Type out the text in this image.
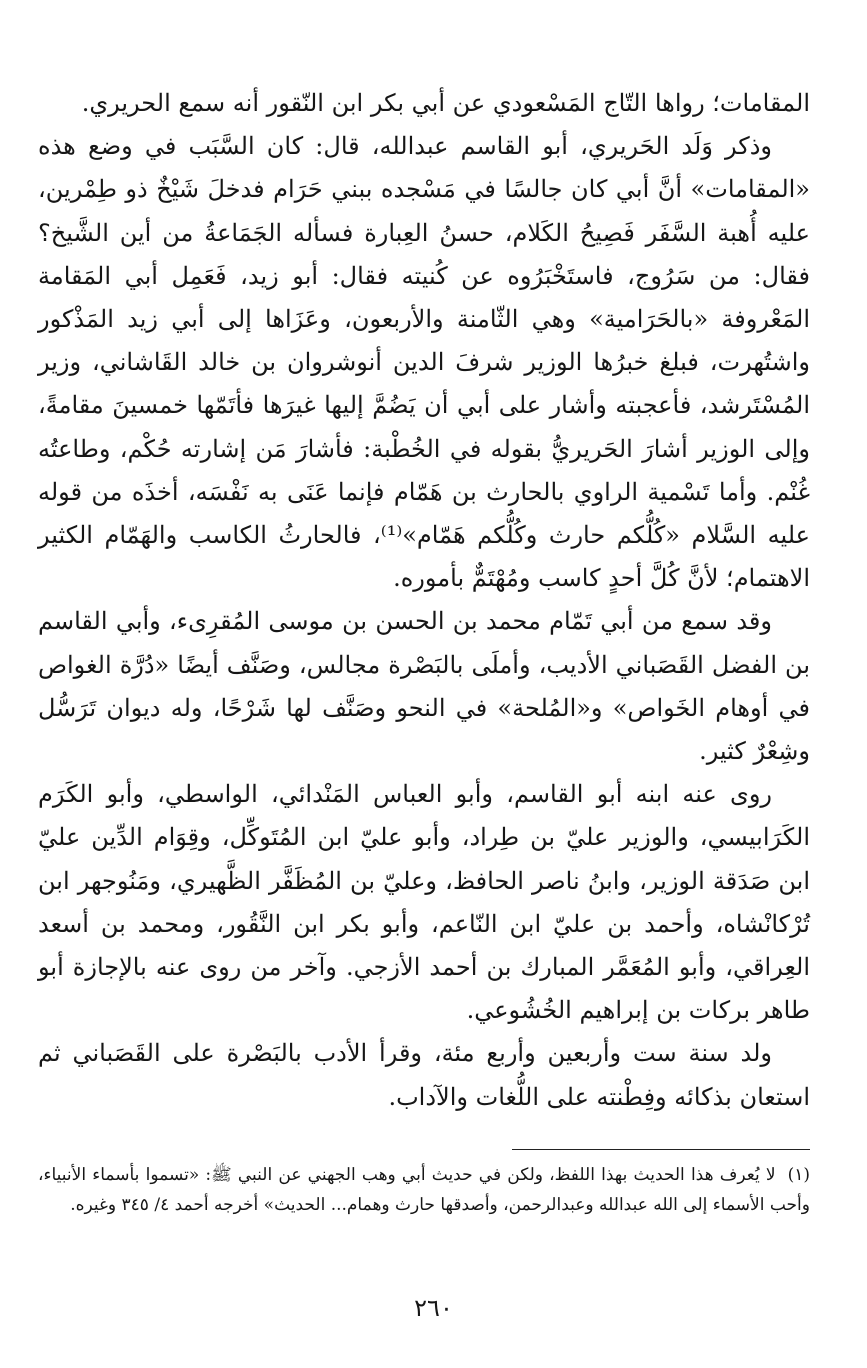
المقامات؛ رواها التّاج المَسْعودي عن أبي بكر ابن النّقور أنه سمع الحريري.

وذكر وَلَد الحَريري، أبو القاسم عبدالله، قال: كان السَّبَب في وضع هذه «المقامات» أنَّ أبي كان جالسًا في مَسْجده ببني حَرَام فدخلَ شَيْخٌ ذو طِمْرين، عليه أُهبة السَّفَر فَصِيحُ الكَلام، حسنُ العِبارة فسأله الجَمَاعةُ من أين الشَّيخ؟ فقال: من سَرُوج، فاستَخْبَرُوه عن كُنيته فقال: أبو زيد، فَعَمِل أبي المَقامة المَعْروفة «بالحَرَامية» وهي الثّامنة والأربعون، وعَزَاها إلى أبي زيد المَذْكور واشتُهرت، فبلغ خبرُها الوزير شرفَ الدين أنوشروان بن خالد القَاشاني، وزير المُسْتَرشد، فأعجبته وأشار على أبي أن يَضُمَّ إليها غيرَها فأتَمّها خمسينَ مقامةً، وإلى الوزير أشارَ الحَريريُّ بقوله في الخُطْبة: فأشارَ مَن إشارته حُكْم، وطاعتُه غُنْم. وأما تَسْمية الراوي بالحارث بن هَمّام فإنما عَنَى به نَفْسَه، أخذَه من قوله عليه السَّلام «كُلُّكم حارث وكُلُّكم هَمّام»⁽¹⁾، فالحارثُ الكاسب والهَمّام الكثير الاهتمام؛ لأنَّ كُلَّ أحدٍ كاسب ومُهْتَمٌّ بأموره.

وقد سمع من أبي تَمّام محمد بن الحسن بن موسى المُقرِىء، وأبي القاسم بن الفضل القَصَباني الأديب، وأملَى بالبَصْرة مجالس، وصَنَّف أيضًا «دُرَّة الغواص في أوهام الخَواص» و«المُلحة» في النحو وصَنَّف لها شَرْحًا، وله ديوان تَرَسُّل وشِعْرٌ كثير.

روى عنه ابنه أبو القاسم، وأبو العباس المَنْدائي، الواسطي، وأبو الكَرَم الكَرَابيسي، والوزير عليّ بن طِراد، وأبو عليّ ابن المُتَوكِّل، وقِوَام الدِّين عليّ ابن صَدَقة الوزير، وابنُ ناصر الحافظ، وعليّ بن المُظَفَّر الظَّهيري، ومَنُوجهر ابن تُرْكانْشاه، وأحمد بن عليّ ابن النّاعم، وأبو بكر ابن النَّقُور، ومحمد بن أسعد العِراقي، وأبو المُعَمَّر المبارك بن أحمد الأزجي. وآخر من روى عنه بالإجازة أبو طاهر بركات بن إبراهيم الخُشُوعي.

ولد سنة ست وأربعين وأربع مئة، وقرأ الأدب بالبَصْرة على القَصَباني ثم استعان بذكائه وفِطْنته على اللُّغات والآداب.

(١)لا يُعرف هذا الحديث بهذا اللفظ، ولكن في حديث أبي وهب الجهني عن النبي ﷺ: «تسموا بأسماء الأنبياء، وأحب الأسماء إلى الله عبدالله وعبدالرحمن، وأصدقها حارث وهمام... الحديث» أخرجه أحمد ٤/ ٣٤٥ وغيره.
٢٦٠
